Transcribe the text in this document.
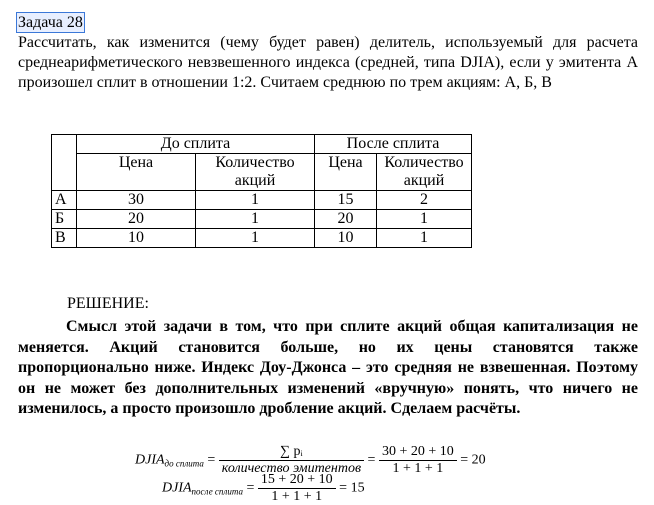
Задача 28
Рассчитать, как изменится (чему будет равен) делитель, используемый для расчета среднеарифметического невзвешенного индекса (средней, типа DJIA), если у эмитента А произошел сплит в отношении 1:2. Считаем среднюю по трем акциям: А, Б, В
	До сплита		После сплита	
	Цена	Количество акций	Цена	Количество акций
А	30	1	15	2
Б	20	1	20	1
В	10	1	10	1
РЕШЕНИЕ:
Смысл этой задачи в том, что при сплите акций общая капитализация не меняется. Акций становится больше, но их цены становятся также пропорционально ниже. Индекс Доу-Джонса – это средняя не взвешенная. Поэтому он не может без дополнительных изменений «вручную» понять, что ничего не изменилось, а просто произошло дробление акций. Сделаем расчёты.
$DJIA_{до сплита} = \frac{\text{∑ pᵢ}}{\text{количество эмитентов}} = \frac{30 + 20 + 10}{1 + 1 + 1} = 20$
$DJIA_{после сплита} = \frac{15 + 20 + 10}{1 + 1 + 1} = 15$
